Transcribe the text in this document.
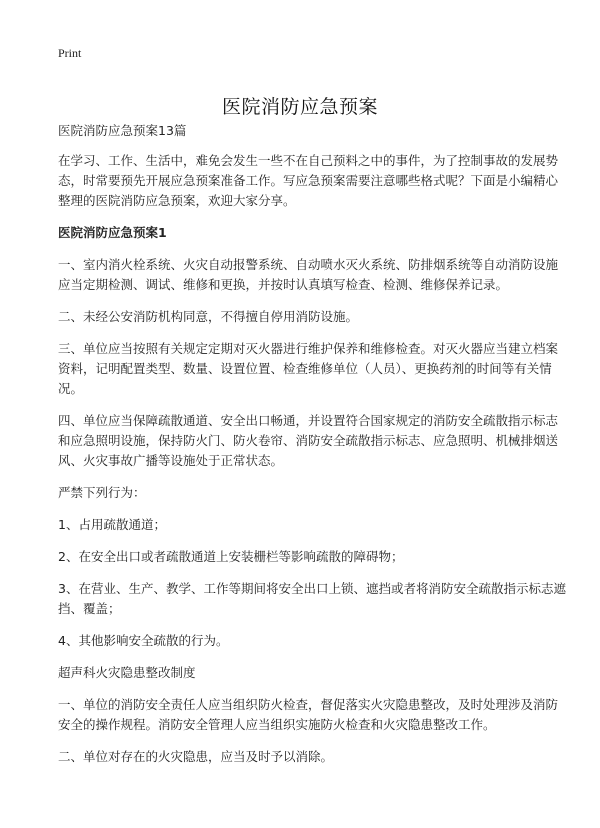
Print
医院消防应急预案

医院消防应急预案13篇

在学习、工作、生活中，难免会发生一些不在自己预料之中的事件，为了控制事故的发展势态，时常要预先开展应急预案准备工作。写应急预案需要注意哪些格式呢？下面是小编精心整理的医院消防应急预案，欢迎大家分享。

医院消防应急预案1

一、室内消火栓系统、火灾自动报警系统、自动喷水灭火系统、防排烟系统等自动消防设施应当定期检测、调试、维修和更换，并按时认真填写检查、检测、维修保养记录。

二、未经公安消防机构同意，不得擅自停用消防设施。

三、单位应当按照有关规定定期对灭火器进行维护保养和维修检查。对灭火器应当建立档案资料，记明配置类型、数量、设置位置、检查维修单位（人员）、更换药剂的时间等有关情况。

四、单位应当保障疏散通道、安全出口畅通，并设置符合国家规定的消防安全疏散指示标志和应急照明设施，保持防火门、防火卷帘、消防安全疏散指示标志、应急照明、机械排烟送风、火灾事故广播等设施处于正常状态。

严禁下列行为：

1、占用疏散通道；

2、在安全出口或者疏散通道上安装栅栏等影响疏散的障碍物；

3、在营业、生产、教学、工作等期间将安全出口上锁、遮挡或者将消防安全疏散指示标志遮挡、覆盖；

4、其他影响安全疏散的行为。

超声科火灾隐患整改制度

一、单位的消防安全责任人应当组织防火检查，督促落实火灾隐患整改，及时处理涉及消防安全的操作规程。消防安全管理人应当组织实施防火检查和火灾隐患整改工作。

二、单位对存在的火灾隐患，应当及时予以消除。
